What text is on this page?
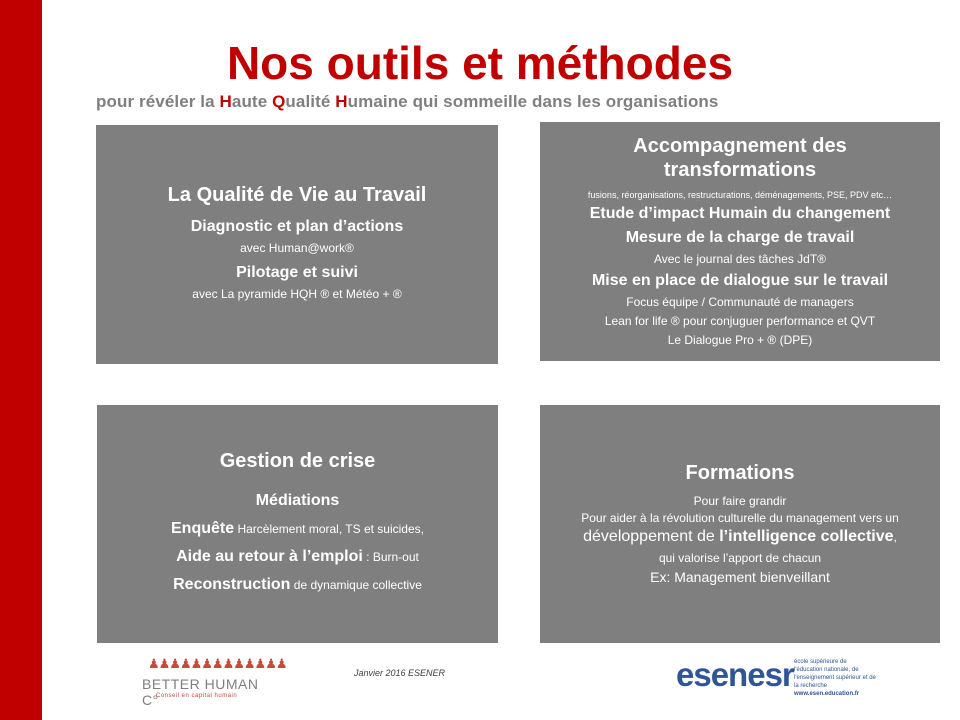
Nos outils et méthodes
pour révéler la Haute Qualité Humaine qui sommeille dans les organisations
La Qualité de Vie au Travail
Diagnostic et plan d’actions
avec Human@work®
Pilotage et suivi
avec La pyramide HQH ® et Météo + ®
Accompagnement des transformations
fusions, réorganisations, restructurations, déménagements, PSE, PDV etc…
Etude d’impact Humain du changement
Mesure de la charge de travail
Avec le journal des tâches JdT®
Mise en place de dialogue sur le travail
Focus équipe / Communauté de managers
Lean for life ® pour conjuguer performance et QVT
Le Dialogue Pro + ® (DPE)
Gestion de crise
Médiations
Enquête Harcèlement moral, TS et suicides,
Aide au retour à l’emploi : Burn-out
Reconstruction de dynamique collective
Formations
Pour faire grandir
Pour aider à la révolution culturelle du management vers un
développement de l’intelligence collective,
qui valorise l’apport de chacun
Ex: Management bienveillant
♟♟♟♟♟♟♟♟♟♟♟♟♟
BETTER HUMAN C°
Conseil en capital humain
Janvier 2016 ESENER	esenesr école supérieure de l'éducation nationale, de l'enseignement supérieur et de la recherche
www.esen.education.fr
